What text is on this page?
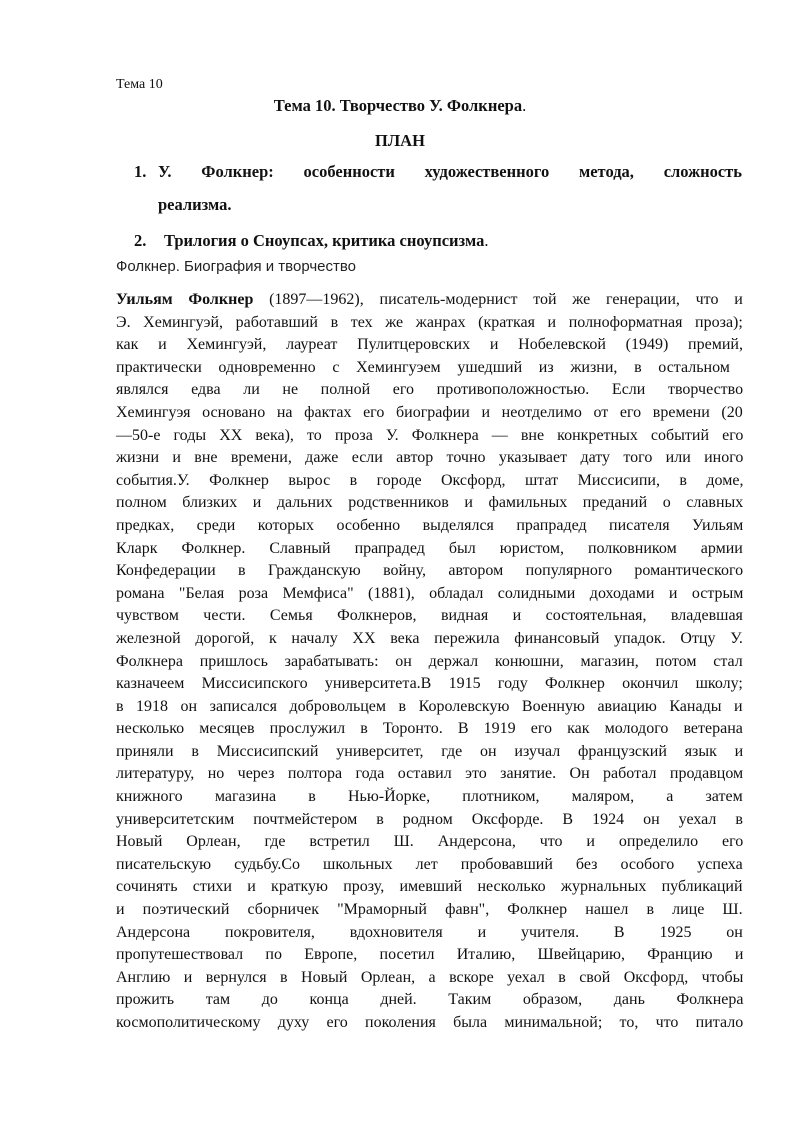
Тема 10
Тема 10. Творчество У. Фолкнера.
ПЛАН
1. У. Фолкнер: особенности художественного метода, сложность
реализма.
2. Трилогия о Сноупсах, критика сноупсизма.
Фолкнер. Биография и творчество
Уильям Фолкнер (1897—1962), писатель-модернист той же генерации, что и
Э. Хемингуэй, работавший в тех же жанрах (краткая и полноформатная проза);
как и Хемингуэй, лауреат Пулитцеровских и Нобелевской (1949) премий,
практически одновременно с Хемингуэем ушедший из жизни, в остальном
являлся едва ли не полной его противоположностью. Если творчество
Хемингуэя основано на фактах его биографии и неотделимо от его времени (20
—50-е годы XX века), то проза У. Фолкнера — вне конкретных событий его
жизни и вне времени, даже если автор точно указывает дату того или иного
события.У. Фолкнер вырос в городе Оксфорд, штат Миссисипи, в доме,
полном близких и дальних родственников и фамильных преданий о славных
предках, среди которых особенно выделялся прапрадед писателя Уильям
Кларк Фолкнер. Славный прапрадед был юристом, полковником армии
Конфедерации в Гражданскую войну, автором популярного романтического
романа "Белая роза Мемфиса" (1881), обладал солидными доходами и острым
чувством чести. Семья Фолкнеров, видная и состоятельная, владевшая
железной дорогой, к началу XX века пережила финансовый упадок. Отцу У.
Фолкнера пришлось зарабатывать: он держал конюшни, магазин, потом стал
казначеем Миссисипского университета.В 1915 году Фолкнер окончил школу;
в 1918 он записался добровольцем в Королевскую Военную авиацию Канады и
несколько месяцев прослужил в Торонто. В 1919 его как молодого ветерана
приняли в Миссисипский университет, где он изучал французский язык и
литературу, но через полтора года оставил это занятие. Он работал продавцом
книжного магазина в Нью-Йорке, плотником, маляром, а затем
университетским почтмейстером в родном Оксфорде. В 1924 он уехал в
Новый Орлеан, где встретил Ш. Андерсона, что и определило его
писательскую судьбу.Со школьных лет пробовавший без особого успеха
сочинять стихи и краткую прозу, имевший несколько журнальных публикаций
и поэтический сборничек "Мраморный фавн", Фолкнер нашел в лице Ш.
Андерсона покровителя, вдохновителя и учителя. В 1925 он
пропутешествовал по Европе, посетил Италию, Швейцарию, Францию и
Англию и вернулся в Новый Орлеан, а вскоре уехал в свой Оксфорд, чтобы
прожить там до конца дней. Таким образом, дань Фолкнера
космополитическому духу его поколения была минимальной; то, что питало
